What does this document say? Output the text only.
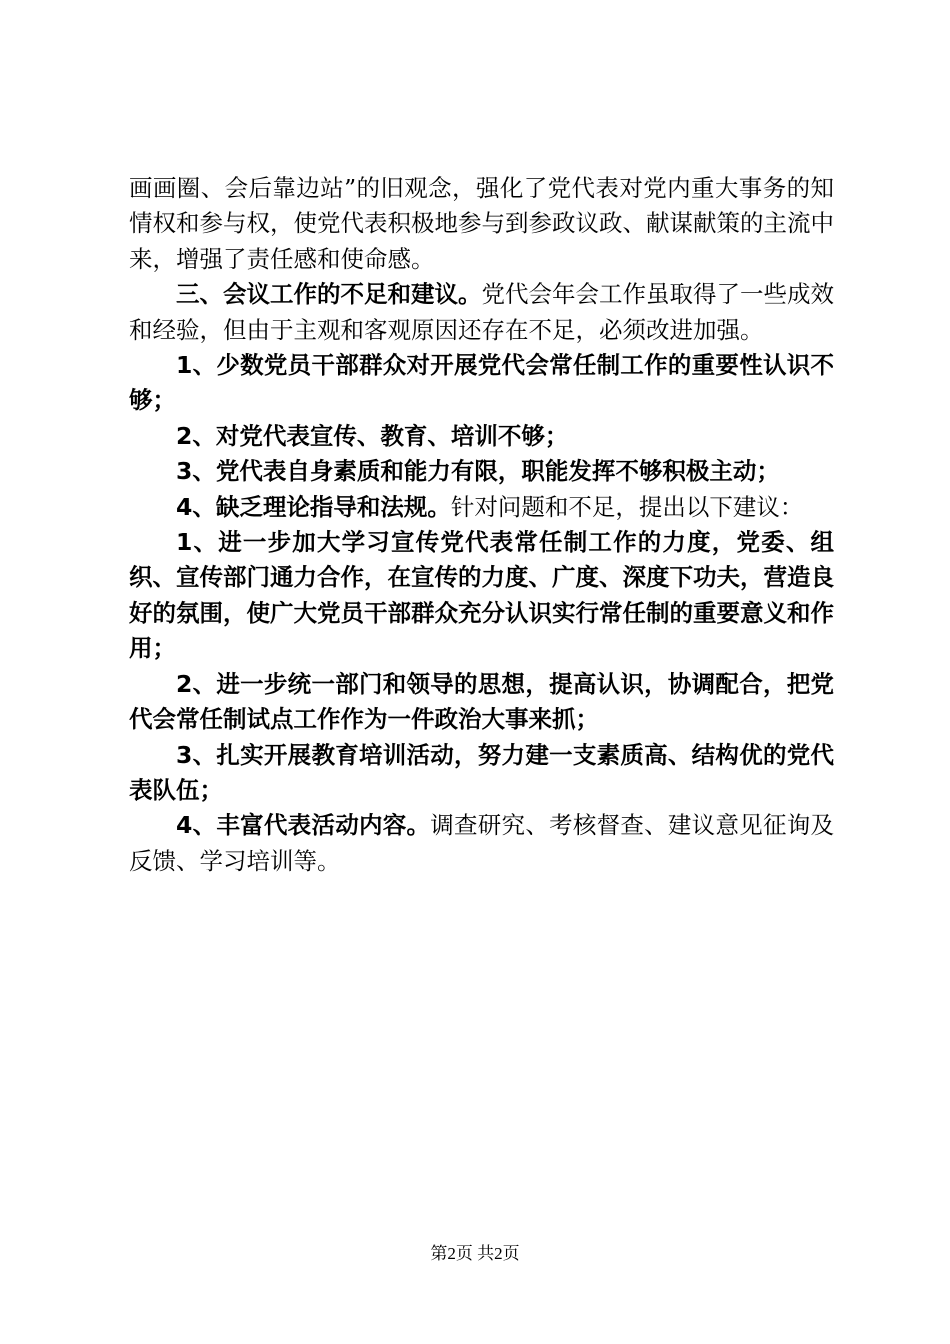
画画圈、会后靠边站”的旧观念，强化了党代表对党内重大事务的知情权和参与权，使党代表积极地参与到参政议政、献谋献策的主流中来，增强了责任感和使命感。

三、会议工作的不足和建议。党代会年会工作虽取得了一些成效和经验，但由于主观和客观原因还存在不足，必须改进加强。

1、少数党员干部群众对开展党代会常任制工作的重要性认识不够；

2、对党代表宣传、教育、培训不够；

3、党代表自身素质和能力有限，职能发挥不够积极主动；

4、缺乏理论指导和法规。针对问题和不足，提出以下建议：

1、进一步加大学习宣传党代表常任制工作的力度，党委、组织、宣传部门通力合作，在宣传的力度、广度、深度下功夫，营造良好的氛围，使广大党员干部群众充分认识实行常任制的重要意义和作用；

2、进一步统一部门和领导的思想，提高认识，协调配合，把党代会常任制试点工作作为一件政治大事来抓；

3、扎实开展教育培训活动，努力建一支素质高、结构优的党代表队伍；

4、丰富代表活动内容。调查研究、考核督查、建议意见征询及反馈、学习培训等。

第2页 共2页
